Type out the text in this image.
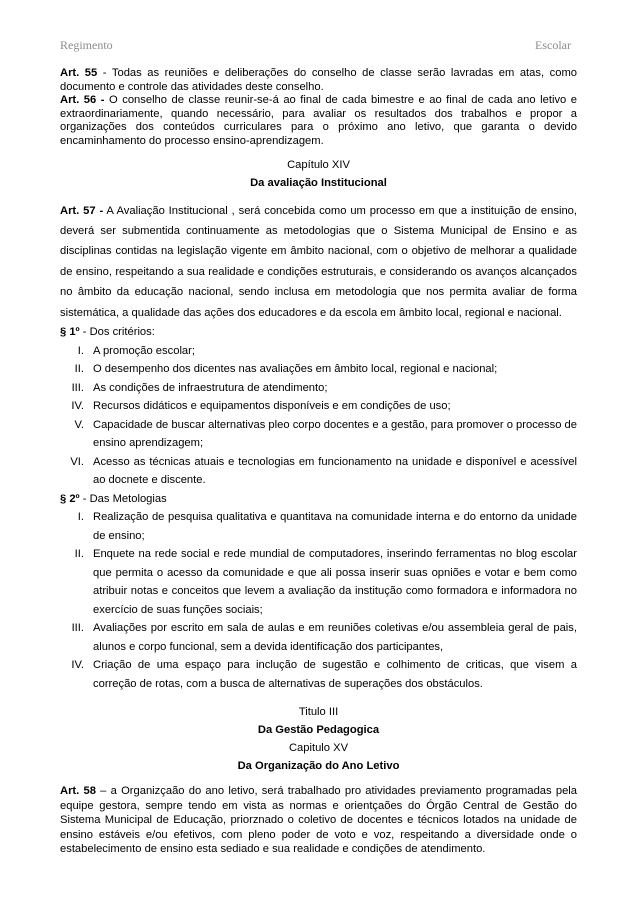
Regimento	Escolar

Art. 55 - Todas as reuniões e deliberações do conselho de classe serão lavradas em atas, como documento e controle das atividades deste conselho.

Art. 56 - O conselho de classe reunir-se-á ao final de cada bimestre e ao final de cada ano letivo e extraordinariamente, quando necessário, para avaliar os resultados dos trabalhos e propor a organizações dos conteúdos curriculares para o próximo ano letivo, que garanta o devido encaminhamento do processo ensino-aprendizagem.

Capítulo XIV
Da avaliação Institucional

Art. 57 - A Avaliação Institucional , será concebida como um processo em que a instituição de ensino, deverá ser submentida continuamente as metodologias que o Sistema Municipal de Ensino e as disciplinas contidas na legislação vigente em âmbito nacional, com o objetivo de melhorar a qualidade de ensino, respeitando a sua realidade e condições estruturais, e considerando os avanços alcançados no âmbito da educação nacional, sendo inclusa em metodologia que nos permita avaliar de forma sistemática, a qualidade das ações dos educadores e da escola em âmbito local, regional e nacional.

§ 1º - Dos critérios:
I. A promoção escolar;
II. O desempenho dos dicentes nas avaliações em âmbito local, regional e nacional;
III. As condições de infraestrutura de atendimento;
IV. Recursos didáticos e equipamentos disponíveis e em condições de uso;
V. Capacidade de buscar alternativas pleo corpo docentes e a gestão, para promover o processo de ensino aprendizagem;
VI. Acesso as técnicas atuais e tecnologias em funcionamento na unidade e disponível e acessível ao docnete e discente.
§ 2º - Das Metologias
I. Realização de pesquisa qualitativa e quantitava na comunidade interna e do entorno da unidade de ensino;
II. Enquete na rede social e rede mundial de computadores, inserindo ferramentas no blog escolar que permita o acesso da comunidade e que ali possa inserir suas opniões e votar e bem como atribuir notas e conceitos que levem a avaliação da institução como formadora e informadora no exercício de suas funções sociais;
III. Avaliações por escrito em sala de aulas e em reuniões coletivas e/ou assembleia geral de pais, alunos e corpo funcional, sem a devida identificação dos participantes,
IV. Criação de uma espaço para inclução de sugestão e colhimento de criticas, que visem a correção de rotas, com a busca de alternativas de superações dos obstáculos.
Titulo III
Da Gestão Pedagogica
Capitulo XV
Da Organização do Ano Letivo

Art. 58 – a Organizçaão do ano letivo, será trabalhado pro atividades previamento programadas pela equipe gestora, sempre tendo em vista as normas e orientçaões do Órgão Central de Gestão do Sistema Municipal de Educação, priorznado o coletivo de docentes e técnicos lotados na unidade de ensino estáveis e/ou efetivos, com pleno poder de voto e voz, respeitando a diversidade onde o estabelecimento de ensino esta sediado e sua realidade e condições de atendimento.
